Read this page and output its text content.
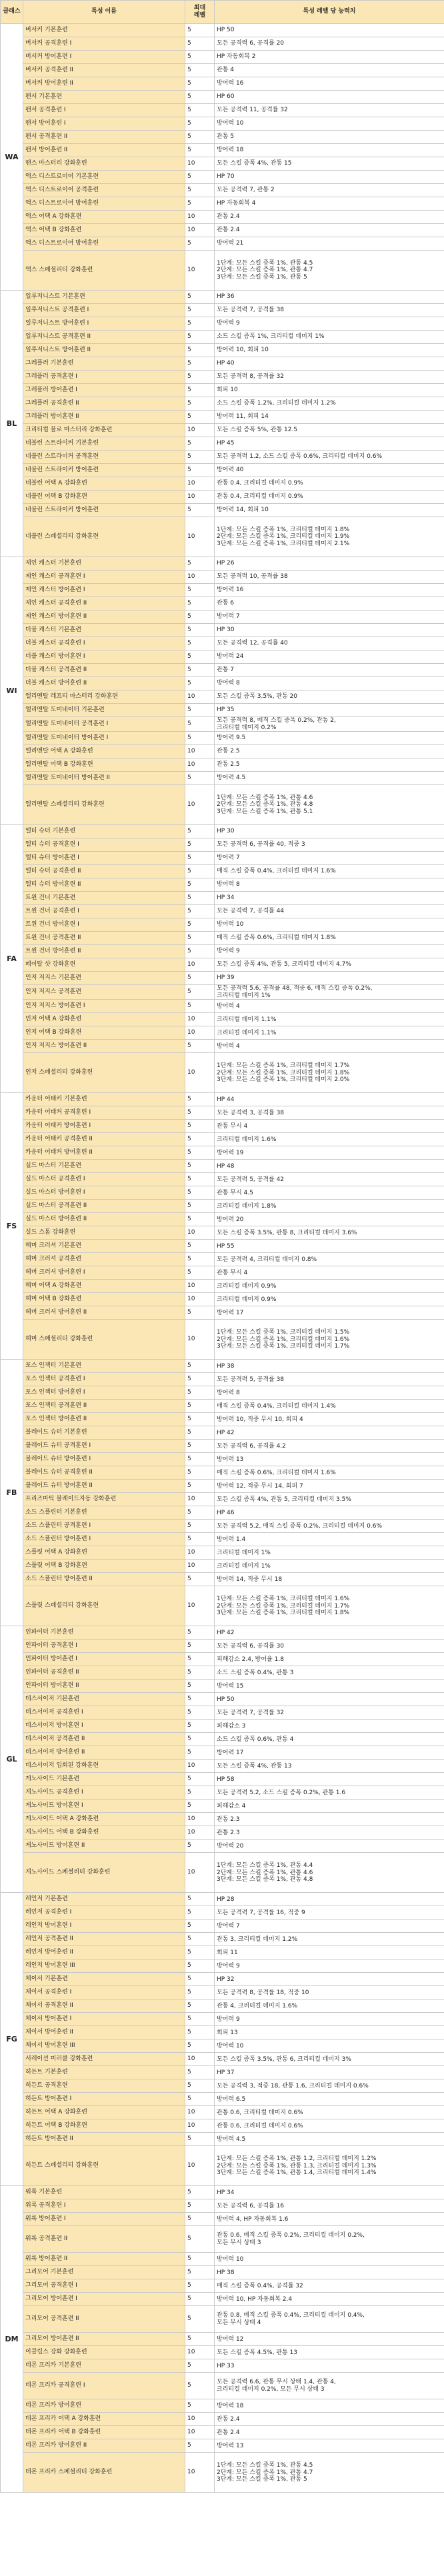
클래스	특성 이름	최대
레벨	특성 레벨 당 능력치
WA	버서커 기본훈련	5	HP 50
	버서커 공격훈련 I	5	모든 공격력 6, 공격률 20
	버서커 방어훈련 I	5	HP 자동회복 2
	버서커 공격훈련 II	5	관통 4
	버서커 방어훈련 II	5	방어력 16
	팬서 기본훈련	5	HP 60
	팬서 공격훈련 I	5	모든 공격력 11, 공격률 32
	팬서 방어훈련 I	5	방어력 10
	팬서 공격훈련 II	5	관통 5
	팬서 방어훈련 II	5	방어력 18
	팬스 마스터리 강화훈련	10	모든 스킬 증폭 4%, 관통 15
	액스 디스트로이어 기본훈련	5	HP 70
	액스 디스트로이어 공격훈련	5	모든 공격력 7, 관통 2
	액스 디스트로이어 방어훈련	5	HP 자동회복 4
	액스 어택 A 강화훈련	10	관통 2.4
	액스 어택 B 강화훈련	10	관통 2.4
	액스 디스트로이어 방어훈련	5	방어력 21
	액스 스페셜리티 강화훈련	10	1단계: 모든 스킬 증폭 1%, 관통 4.5
2단계: 모든 스킬 증폭 1%, 관통 4.7
3단계: 모든 스킬 증폭 1%, 관통 5
BL	일루저니스트 기본훈련	5	HP 36
	일루저니스트 공격훈련 I	5	모든 공격력 7, 공격률 38
	일루저니스트 방어훈련 I	5	방어력 9
	일루저니스트 공격훈련 II	5	소드 스킬 증폭 1%, 크리티컬 데미지 1%
	일루저니스트 방어훈련 II	5	방어력 10, 회피 10
	그레플러 기본훈련	5	HP 40
	그레플러 공격훈련 I	5	모든 공격력 8, 공격률 32
	그레플러 방어훈련 I	5	회피 10
	그레플러 공격훈련 II	5	소드 스킬 증폭 1.2%, 크리티컬 데미지 1.2%
	그레플러 방어훈련 II	5	방어력 11, 회피 14
	크리티컬 블로 마스터리 강화훈련	10	모든 스킬 증폭 5%, 관통 12.5
	네블런 스트라이커 기본훈련	5	HP 45
	네블런 스트라이커 공격훈련	5	모든 공격력 1.2, 소드 스킬 증폭 0.6%, 크리티컬 데미지 0.6%
	네블런 스트라이커 방어훈련	5	방어력 40
	네블런 어택 A 강화훈련	10	관통 0.4, 크리티컬 데미지 0.9%
	네블런 어택 B 강화훈련	10	관통 0.4, 크리티컬 데미지 0.9%
	네블런 스트라이커 방어훈련	5	방어력 14, 회피 10
	네블런 스페셜리티 강화훈련	10	1단계: 모든 스킬 증폭 1%, 크리티컬 데미지 1.8%
2단계: 모든 스킬 증폭 1%, 크리티컬 데미지 1.9%
3단계: 모든 스킬 증폭 1%, 크리티컬 데미지 2.1%
WI	제인 캐스터 기본훈련	5	HP 26
	제인 캐스터 공격훈련 I	10	모든 공격력 10, 공격률 38
	제인 캐스터 방어훈련 I	5	방어력 16
	제인 캐스터 공격훈련 II	5	관통 6
	제인 캐스터 방어훈련 II	5	방어력 7
	더블 캐스터 기본훈련	5	HP 30
	더블 캐스터 공격훈련 I	5	모든 공격력 12, 공격률 40
	더블 캐스터 방어훈련 I	5	방어력 24
	더블 캐스터 공격훈련 II	5	관통 7
	더블 캐스터 방어훈련 II	5	방어력 8
	엘리멘탈 레프티 마스터리 강화훈련	10	모든 스킬 증폭 3.5%, 관통 20
	엘리멘탈 도미네이터 기본훈련	5	HP 35
	엘리멘탈 도미네이터 공격훈련 I	5	모든 공격력 8, 매직 스킬 증폭 0.2%, 관통 2,
크리티컬 데미지 0.2%
	엘리멘탈 도미네이터 방어훈련 I	5	방어력 9.5
	엘리멘탈 어택 A 강화훈련	10	관통 2.5
	엘리멘탈 어택 B 강화훈련	10	관통 2.5
	엘리멘탈 도미네이터 방어훈련 II	5	방어력 4.5
	엘리멘탈 스페셜리티 강화훈련	10	1단계: 모든 스킬 증폭 1%, 관통 4.6
2단계: 모든 스킬 증폭 1%, 관통 4.8
3단계: 모든 스킬 증폭 1%, 관통 5.1
FA	엘티 슈터 기본훈련	5	HP 30
	엘티 슈터 공격훈련 I	5	모든 공격력 6, 공격률 40, 적중 3
	엘티 슈터 방어훈련 I	5	방어력 7
	엘티 슈터 공격훈련 II	5	매직 스킬 증폭 0.4%, 크리티컬 데미지 1.6%
	엘티 슈터 방어훈련 II	5	방어력 8
	트윈 건너 기본훈련	5	HP 34
	트윈 건너 공격훈련 I	5	모든 공격력 7, 공격률 44
	트윈 건너 방어훈련 I	5	방어력 10
	트윈 건너 공격훈련 II	5	매직 스킬 증폭 0.6%, 크리티컬 데미지 1.8%
	트윈 건너 방어훈련 II	5	방어력 9
	페이탈 샷 강화훈련	10	모든 스킬 증폭 4%, 관통 5, 크리티컬 데미지 4.7%
	인저 저지스 기본훈련	5	HP 39
	인저 저지스 공격훈련	5	모든 공격력 5.6, 공격률 48, 적중 6, 매직 스킬 증폭 0.2%,
크리티컬 데미지 1%
	인저 저지스 방어훈련 I	5	방어력 4
	인저 어택 A 강화훈련	10	크리티컬 데미지 1.1%
	인저 어택 B 강화훈련	10	크리티컬 데미지 1.1%
	인저 저지스 방어훈련 II	5	방어력 4
	인저 스페셜리티 강화훈련	10	1단계: 모든 스킬 증폭 1%, 크리티컬 데미지 1.7%
2단계: 모든 스킬 증폭 1%, 크리티컬 데미지 1.8%
3단계: 모든 스킬 증폭 1%, 크리티컬 데미지 2.0%
FS	카운터 어태커 기본훈련	5	HP 44
	카운터 어태커 공격훈련 I	5	모든 공격력 3, 공격률 38
	카운터 어태커 방어훈련 I	5	관통 무시 4
	카운터 어태커 공격훈련 II	5	크리티컬 데미지 1.6%
	카운터 어태커 방어훈련 II	5	방어력 19
	실드 마스터 기본훈련	5	HP 48
	실드 마스터 공격훈련 I	5	모든 공격력 5, 공격률 42
	실드 마스터 방어훈련 I	5	관통 무시 4.5
	실드 마스터 공격훈련 II	5	크리티컬 데미지 1.8%
	실드 마스터 방어훈련 II	5	방어력 20
	실드 스톰 강화훈련	10	모든 스킬 증폭 3.5%, 관통 8, 크리티컬 데미지 3.6%
	헤머 크러셔 기본훈련	5	HP 55
	헤머 크러셔 공격훈련	5	모든 공격력 4, 크리티컬 데미지 0.8%
	헤머 크러셔 방어훈련 I	5	관통 무시 4
	헤머 어택 A 강화훈련	10	크리티컬 데미지 0.9%
	헤머 어택 B 강화훈련	10	크리티컬 데미지 0.9%
	헤머 크러셔 방어훈련 II	5	방어력 17
	헤머 스페셜리티 강화훈련	10	1단계: 모든 스킬 증폭 1%, 크리티컬 데미지 1.5%
2단계: 모든 스킬 증폭 1%, 크리티컬 데미지 1.6%
3단계: 모든 스킬 증폭 1%, 크리티컬 데미지 1.7%
FB	포스 인젝터 기본훈련	5	HP 38
	포스 인젝터 공격훈련 I	5	모든 공격력 5, 공격률 38
	포스 인젝터 방어훈련 I	5	방어력 8
	포스 인젝터 공격훈련 II	5	매직 스킬 증폭 0.4%, 크리티컬 데미지 1.4%
	포스 인젝터 방어훈련 II	5	방어력 10, 적중 무시 10, 회피 4
	블레이드 슈터 기본훈련	5	HP 42
	블레이드 슈터 공격훈련 I	5	모든 공격력 6, 공격률 4.2
	블레이드 슈터 방어훈련 I	5	방어력 13
	블레이드 슈터 공격훈련 II	5	매직 스킬 증폭 0.6%, 크리티컬 데미지 1.6%
	블레이드 슈터 방어훈련 II	5	방어력 12, 적중 무시 14, 회피 7
	프리즈마틱 블레이드자동 강화훈련	10	모든 스킬 증폭 4%, 관통 5, 크리티컬 데미지 3.5%
	소드 스플린터 기본훈련	5	HP 46
	소드 스플린터 공격훈련 I	5	모든 공격력 5.2, 매직 스킬 증폭 0.2%, 크리티컬 데미지 0.6%
	소드 스플린터 방어훈련 I	5	방어력 1.4
	스플릿 어택 A 강화훈련	10	크리티컬 데미지 1%
	스플릿 어택 B 강화훈련	10	크리티컬 데미지 1%
	소드 스플린터 방어훈련 II	5	방어력 14, 적중 무시 18
	스플릿 스페셜리티 강화훈련	10	1단계: 모든 스킬 증폭 1%, 크리티컬 데미지 1.6%
2단계: 모든 스킬 증폭 1%, 크리티컬 데미지 1.7%
3단계: 모든 스킬 증폭 1%, 크리티컬 데미지 1.8%
GL	인파이터 기본훈련	5	HP 42
	인파이터 공격훈련 I	5	모든 공격력 6, 공격률 30
	인파이터 방어훈련 I	5	피해감소 2.4, 방어율 1.8
	인파이터 공격훈련 II	5	소드 스킬 증폭 0.4%, 관통 3
	인파이터 방어훈련 II	5	방어력 15
	데스서이저 기본훈련	5	HP 50
	데스서이저 공격훈련 I	5	모든 공격력 7, 공격률 32
	데스서이저 방어훈련 I	5	피해감소 3
	데스서이저 공격훈련 II	5	소드 스킬 증폭 0.6%, 관통 4
	데스서이저 방어훈련 II	5	방어력 17
	데스서이저 입회된 강화훈련	10	모든 스킬 증폭 4%, 관통 13
	게노사이드 기본훈련	5	HP 58
	게노사이드 공격훈련 I	5	모든 공격력 5.2, 소드 스킬 증폭 0.2%, 관통 1.6
	게노사이드 방어훈련 I	5	피해감소 4
	게노사이드 어택 A 강화훈련	10	관통 2.3
	게노사이드 어택 B 강화훈련	10	관통 2.3
	게노사이드 방어훈련 II	5	방어력 20
	게노사이드 스페셜리티 강화훈련	10	1단계: 모든 스킬 증폭 1%, 관통 4.4
2단계: 모든 스킬 증폭 1%, 관통 4.6
3단계: 모든 스킬 증폭 1%, 관통 4.8
FG	레인저 기본훈련	5	HP 28
	레인저 공격훈련 I	5	모든 공격력 7, 공격률 16, 적중 9
	레인저 방어훈련 I	5	방어력 7
	레인저 공격훈련 II	5	관통 3, 크리티컬 데미지 1.2%
	레인저 방어훈련 II	5	회피 11
	레인저 방어훈련 III	5	방어력 9
	체이서 기본훈련	5	HP 32
	체이서 공격훈련 I	5	모든 공격력 8, 공격률 18, 적중 10
	체이서 공격훈련 II	5	관통 4, 크리티컬 데미지 1.6%
	체이서 방어훈련 I	5	방어력 9
	체이서 방어훈련 II	5	회피 13
	체이서 방어훈련 III	5	방어력 10
	서레이션 미러클 강화훈련	10	모든 스킬 증폭 3.5%, 관통 6, 크리티컬 데미지 3%
	히든트 기본훈련	5	HP 37
	히든트 공격훈련	5	모든 공격력 3, 적중 18, 관통 1.6, 크리티컬 데미지 0.6%
	히든트 방어훈련 I	5	방어력 6.5
	히든트 어택 A 강화훈련	10	관통 0.6, 크리티컬 데미지 0.6%
	히든트 어택 B 강화훈련	10	관통 0.6, 크리티컬 데미지 0.6%
	히든트 방어훈련 II	5	방어력 4.5
	히든트 스페셜리티 강화훈련	10	1단계: 모든 스킬 증폭 1%, 관통 1.2, 크리티컬 데미지 1.2%
2단계: 모든 스킬 증폭 1%, 관통 1.3, 크리티컬 데미지 1.3%
3단계: 모든 스킬 증폭 1%, 관통 1.4, 크리티컬 데미지 1.4%
DM	워록 기본훈련	5	HP 34
	워록 공격훈련 I	5	모든 공격력 6, 공격률 16
	워록 방어훈련 I	5	방어력 4, HP 자동회복 1.6
	워록 공격훈련 II	5	관통 0.6, 매직 스킬 증폭 0.2%, 크리티컬 데미지 0.2%,
모든 무시 상태 3
	워록 방어훈련 II	5	방어력 10
	그리모어 기본훈련	5	HP 38
	그리모어 공격훈련 I	5	매직 스킬 증폭 0.4%, 공격률 32
	그리모어 방어훈련 I	5	방어력 10, HP 자동회복 2.4
	그리모어 공격훈련 II	5	관통 0.8, 매직 스킬 증폭 0.4%, 크리티컬 데미지 0.4%,
모든 무시 상태 4
	그리모어 방어훈련 II	5	방어력 12
	이클립스 강화 강화훈련	10	모든 스킬 증폭 4.5%, 관통 13
	데몬 프리카 기본훈련	5	HP 33
	데몬 프리카 공격훈련 I	5	모든 공격력 6.6, 관통 무시 상태 1.4, 관통 4,
크리티컬 데미지 0.2%, 모든 무시 상태 3
	데몬 프리카 방어훈련	5	방어력 18
	데몬 프리카 어택 A 강화훈련	10	관통 2.4
	데몬 프리카 어택 B 강화훈련	10	관통 2.4
	데몬 프리카 방어훈련 II	5	방어력 13
	데몬 프리카 스페셜리티 강화훈련	10	1단계: 모든 스킬 증폭 1%, 관통 4.5
2단계: 모든 스킬 증폭 1%, 관통 4.7
3단계: 모든 스킬 증폭 1%, 관통 5
